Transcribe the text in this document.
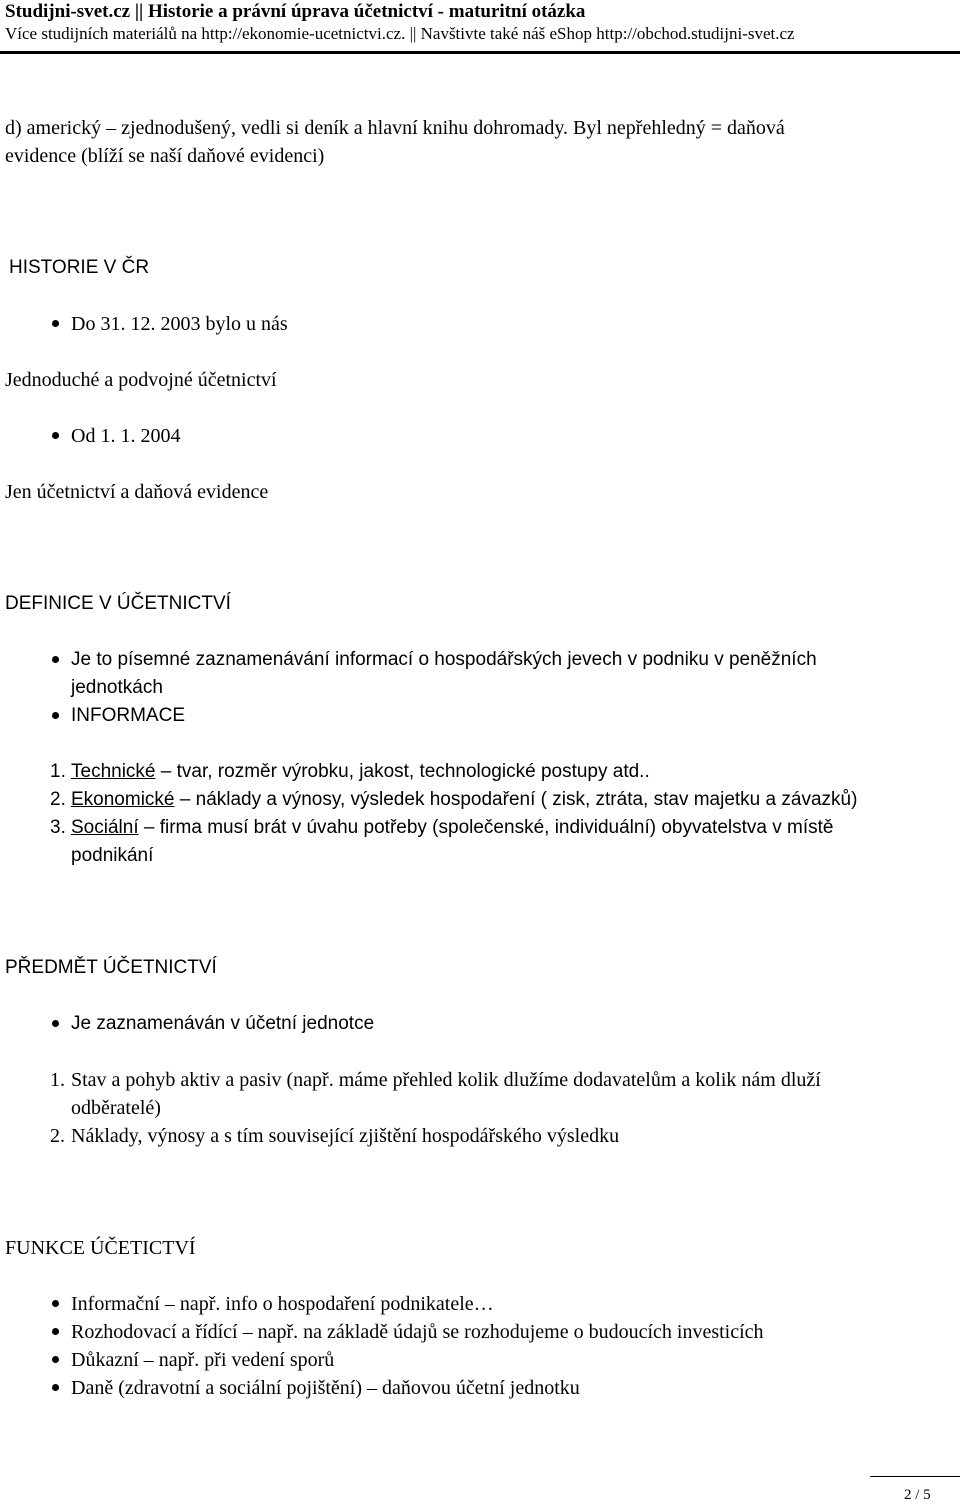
Studijni-svet.cz || Historie a právní úprava účetnictví - maturitní otázka
Více studijních materiálů na http://ekonomie-ucetnictvi.cz. || Navštivte také náš eShop http://obchod.studijni-svet.cz
d) americký – zjednodušený, vedli si deník a hlavní knihu dohromady. Byl nepřehledný = daňová
evidence (blíží se naší daňové evidenci)
HISTORIE V ČR
Do 31. 12. 2003 bylo u nás
Jednoduché a podvojné účetnictví
Od 1. 1. 2004
Jen účetnictví a daňová evidence
DEFINICE V ÚČETNICTVÍ
Je to písemné zaznamenávání informací o hospodářských jevech v podniku v peněžních
jednotkách
INFORMACE
1. Technické – tvar, rozměr výrobku, jakost, technologické postupy atd..
2. Ekonomické – náklady a výnosy, výsledek hospodaření ( zisk, ztráta, stav majetku a závazků)
3. Sociální – firma musí brát v úvahu potřeby (společenské, individuální) obyvatelstva v místě
podnikání
PŘEDMĚT ÚČETNICTVÍ
Je zaznamenáván v účetní jednotce
1. Stav a pohyb aktiv a pasiv (např. máme přehled kolik dlužíme dodavatelům a kolik nám dluží
odběratelé)
2. Náklady, výnosy a s tím související zjištění hospodářského výsledku
FUNKCE ÚČETICTVÍ
Informační – např. info o hospodaření podnikatele…
Rozhodovací a řídící – např. na základě údajů se rozhodujeme o budoucích investicích
Důkazní – např. při vedení sporů
Daně (zdravotní a sociální pojištění) – daňovou účetní jednotku
2 / 5
